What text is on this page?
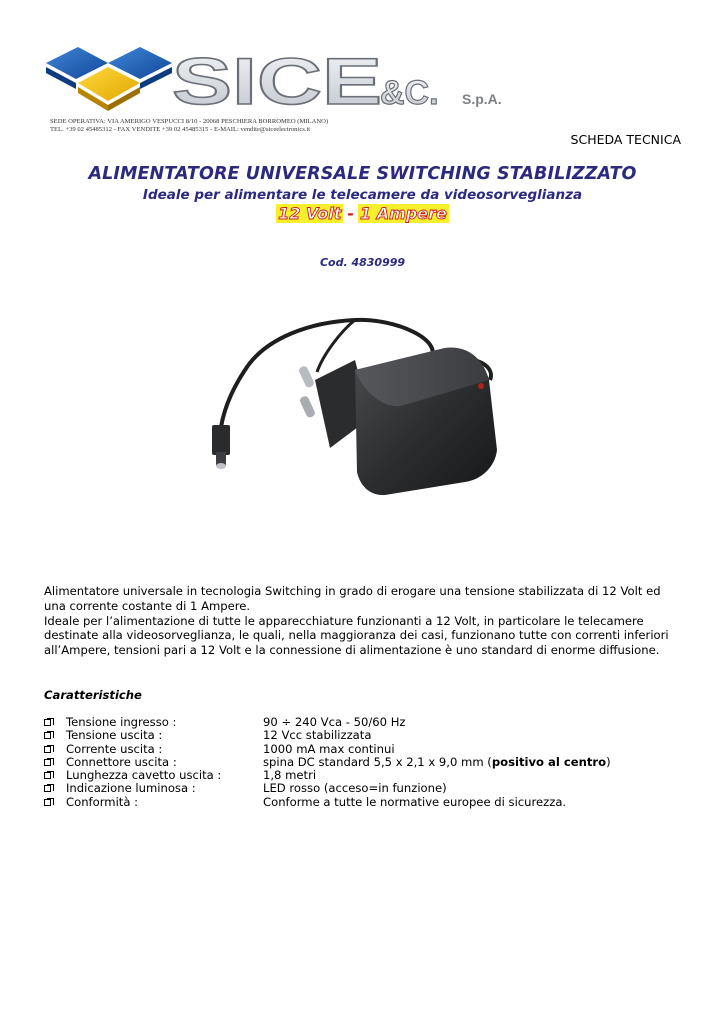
SICE
&C. S.p.A.
SEDE OPERATIVA: VIA AMERIGO VESPUCCI 8/10 - 20068 PESCHIERA BORROMEO (MILANO)
TEL. +39 02 45485312 - FAX VENDITE +39 02 45485315 - E-MAIL: vendite@siceelectronics.it
SCHEDA TECNICA
ALIMENTATORE UNIVERSALE SWITCHING STABILIZZATO
Ideale per alimentare le telecamere da videosorveglianza
12 Volt - 1 Ampere
Cod. 4830999

Alimentatore universale in tecnologia Switching in grado di erogare una tensione stabilizzata di 12 Volt ed una corrente costante di 1 Ampere.

Ideale per l’alimentazione di tutte le apparecchiature funzionanti a 12 Volt, in particolare le telecamere destinate alla videosorveglianza, le quali, nella maggioranza dei casi, funzionano tutte con correnti inferiori all’Ampere, tensioni pari a 12 Volt e la connessione di alimentazione è uno standard di enorme diffusione.

Caratteristiche
Tensione ingresso :	90 ÷ 240 Vca - 50/60 Hz
Tensione uscita :	12 Vcc stabilizzata
Corrente uscita :	1000 mA max continui
Connettore uscita :	spina DC standard 5,5 x 2,1 x 9,0 mm (positivo al centro)
Lunghezza cavetto uscita :	1,8 metri
Indicazione luminosa :	LED rosso (acceso=in funzione)
Conformità :	Conforme a tutte le normative europee di sicurezza.
